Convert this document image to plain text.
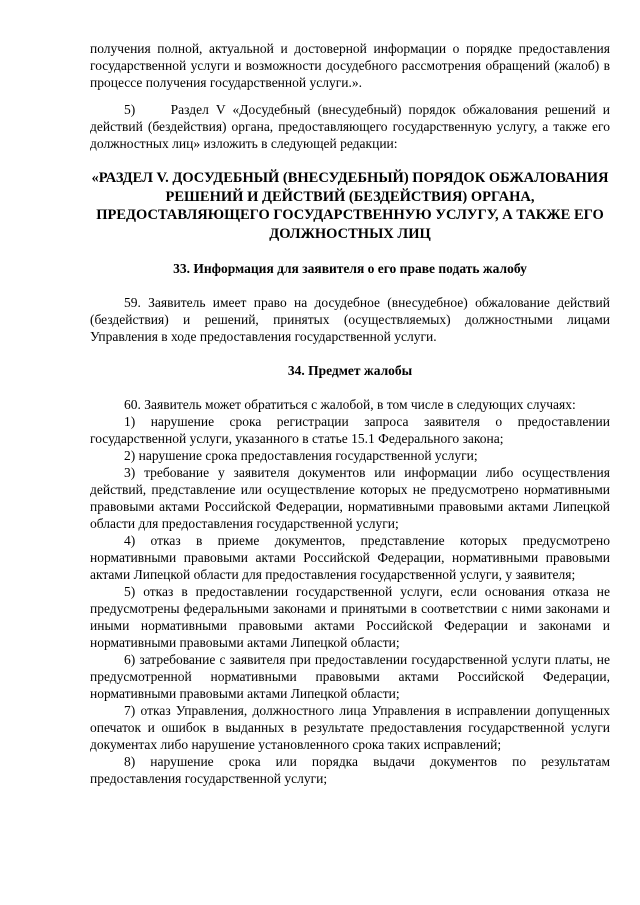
получения полной, актуальной и достоверной информации о порядке предоставления государственной услуги и возможности досудебного рассмотрения обращений (жалоб) в процессе получения государственной услуги.».

5)     Раздел V «Досудебный (внесудебный) порядок обжалования решений и действий (бездействия) органа, предоставляющего государственную услугу, а также его должностных лиц» изложить в следующей редакции:

«РАЗДЕЛ V. ДОСУДЕБНЫЙ (ВНЕСУДЕБНЫЙ) ПОРЯДОК ОБЖАЛОВАНИЯ РЕШЕНИЙ И ДЕЙСТВИЙ (БЕЗДЕЙСТВИЯ) ОРГАНА, ПРЕДОСТАВЛЯЮЩЕГО ГОСУДАРСТВЕННУЮ УСЛУГУ, А ТАКЖЕ ЕГО ДОЛЖНОСТНЫХ ЛИЦ

33. Информация для заявителя о его праве подать жалобу

59. Заявитель имеет право на досудебное (внесудебное) обжалование действий (бездействия) и решений, принятых (осуществляемых) должностными лицами Управления в ходе предоставления государственной услуги.

34. Предмет жалобы

60. Заявитель может обратиться с жалобой, в том числе в следующих случаях:

1) нарушение срока регистрации запроса заявителя о предоставлении государственной услуги, указанного в статье 15.1 Федерального закона;

2) нарушение срока предоставления государственной услуги;

3) требование у заявителя документов или информации либо осуществления действий, представление или осуществление которых не предусмотрено нормативными правовыми актами Российской Федерации, нормативными правовыми актами Липецкой области для предоставления государственной услуги;

4) отказ в приеме документов, представление которых предусмотрено нормативными правовыми актами Российской Федерации, нормативными правовыми актами Липецкой области для предоставления государственной услуги, у заявителя;

5) отказ в предоставлении государственной услуги, если основания отказа не предусмотрены федеральными законами и принятыми в соответствии с ними законами и иными нормативными правовыми актами Российской Федерации и законами и нормативными правовыми актами Липецкой области;

6) затребование с заявителя при предоставлении государственной услуги платы, не предусмотренной нормативными правовыми актами Российской Федерации, нормативными правовыми актами Липецкой области;

7) отказ Управления, должностного лица Управления в исправлении допущенных опечаток и ошибок в выданных в результате предоставления государственной услуги документах либо нарушение установленного срока таких исправлений;

8) нарушение срока или порядка выдачи документов по результатам предоставления государственной услуги;
